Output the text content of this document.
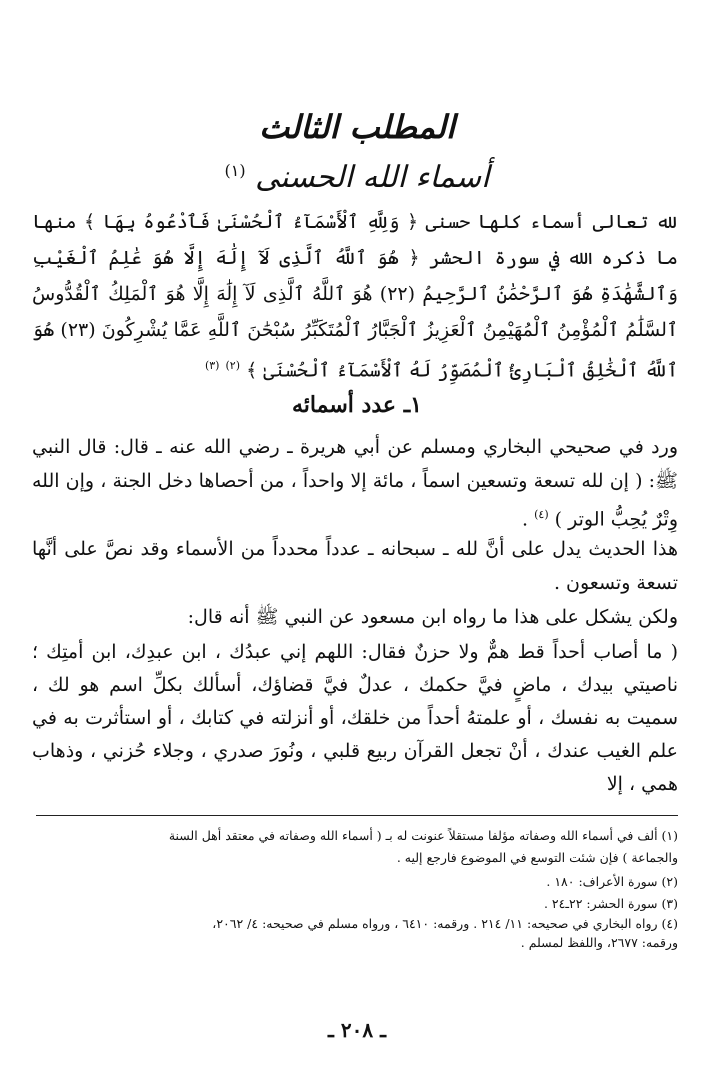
المطلب الثالث
أسماء الله الحسنى $^{(١)}$
لله تعالى أسماء كلها حسنى ﴿ وَلِلَّهِ ٱلْأَسْمَآءُ ٱلْحُسْنَىٰ فَٱدْعُوهُ بِهَا ﴾ منها ما ذكره الله في سورة الحشر ﴿ هُوَ ٱللَّهُ ٱلَّذِى لَآ إِلَٰهَ إِلَّا هُوَ عَٰلِمُ ٱلْغَيْبِ وَٱلشَّهَٰدَةِ هُوَ ٱلرَّحْمَٰنُ ٱلرَّحِيمُ (٢٢) هُوَ ٱللَّهُ ٱلَّذِى لَآ إِلَٰهَ إِلَّا هُوَ ٱلْمَلِكُ ٱلْقُدُّوسُ ٱلسَّلَٰمُ ٱلْمُؤْمِنُ ٱلْمُهَيْمِنُ ٱلْعَزِيزُ ٱلْجَبَّارُ ٱلْمُتَكَبِّرُ سُبْحَٰنَ ٱللَّهِ عَمَّا يُشْرِكُونَ (٢٣) هُوَ ٱللَّهُ ٱلْخَٰلِقُ ٱلْبَارِئُ ٱلْمُصَوِّرُ لَهُ ٱلْأَسْمَآءُ ٱلْحُسْنَىٰ ﴾ $^{(٢)}$ $^{(٣)}$
١ـ عدد أسمائه
ورد في صحيحي البخاري ومسلم عن أبي هريرة ـ رضي الله عنه ـ قال: قال النبي ﷺ: ( إن لله تسعة وتسعين اسماً ، مائة إلا واحداً ، من أحصاها دخل الجنة ، وإن الله وِتْرٌ يُحِبُّ الوتر ) $^{(٤)}$ .
هذا الحديث يدل على أنَّ لله ـ سبحانه ـ عدداً محدداً من الأسماء وقد نصَّ على أنَّها تسعة وتسعون .
ولكن يشكل على هذا ما رواه ابن مسعود عن النبي ﷺ أنه قال:
( ما أصاب أحداً قط همٌّ ولا حزنٌ فقال: اللهم إني عبدُك ، ابن عبدِك، ابن أمتِك ؛ ناصيتي بيدك ، ماضٍ فيَّ حكمك ، عدلٌ فيَّ قضاؤك، أسألك بكلِّ اسم هو لك ، سميت به نفسك ، أو علمتهُ أحداً من خلقك، أو أنزلته في كتابك ، أو استأثرت به في علم الغيب عندك ، أنْ تجعل القرآن ربيع قلبي ، ونُورَ صدري ، وجلاء حُزني ، وذهاب همي ، إلا
(١) ألف في أسماء الله وصفاته مؤلفا مستقلاً عنونت له بـ ( أسماء الله وصفاته في معتقد أهل السنة
والجماعة ) فإن شئت التوسع في الموضوع فارجع إليه .
(٢) سورة الأعراف: ١٨٠ .
(٣) سورة الحشر: ٢٢ـ٢٤ .
(٤) رواه البخاري في صحيحه: ١١/ ٢١٤ . ورقمه: ٦٤١٠ ، ورواه مسلم في صحيحه: ٤/ ٢٠٦٢،
ورقمه: ٢٦٧٧، واللفظ لمسلم .
ـ ٢٠٨ ـ
